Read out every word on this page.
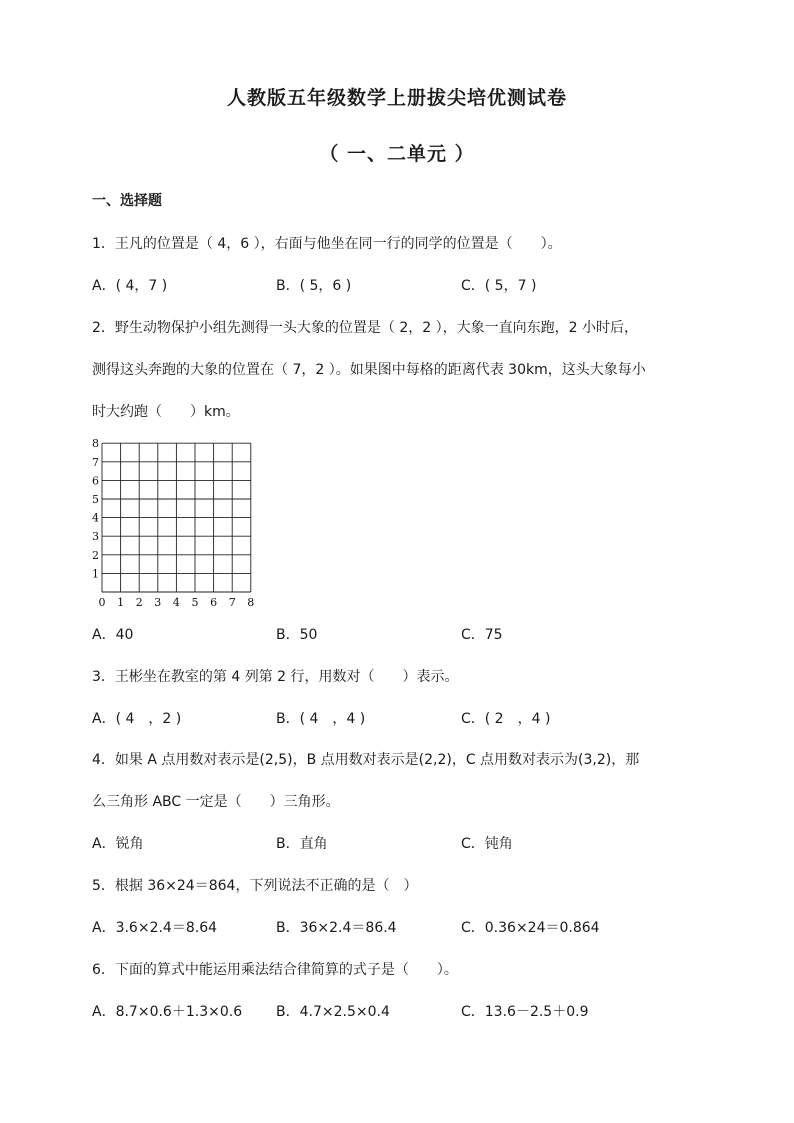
人教版五年级数学上册拔尖培优测试卷
（ 一、二单元 ）
一、选择题
1．王凡的位置是（ 4，6 ），右面与他坐在同一行的同学的位置是（　　）。
A．( 4，7 )	B．( 5，6 )	C．( 5，7 )
2．野生动物保护小组先测得一头大象的位置是（ 2，2 ），大象一直向东跑，2 小时后，
测得这头奔跑的大象的位置在（ 7，2 ）。如果图中每格的距离代表 30km，这头大象每小
时大约跑（　　）km。
0 1 2 3 4 5 6 7 8
1
2
3
4
5
6
7
8
A．40	B．50	C．75
3．王彬坐在教室的第 4 列第 2 行，用数对（　　）表示。
A．( 4　，2 )	B．( 4　，4 )	C．( 2　，4 )
4．如果 A 点用数对表示是(2,5)，B 点用数对表示是(2,2)，C 点用数对表示为(3,2)，那
么三角形 ABC 一定是（　　）三角形。
A．锐角	B．直角	C．钝角
5．根据 36×24＝864，下列说法不正确的是（　）
A．3.6×2.4＝8.64	B．36×2.4＝86.4	C．0.36×24＝0.864
6．下面的算式中能运用乘法结合律简算的式子是（　　）。
A．8.7×0.6＋1.3×0.6 B．4.7×2.5×0.4	C．13.6－2.5＋0.9
